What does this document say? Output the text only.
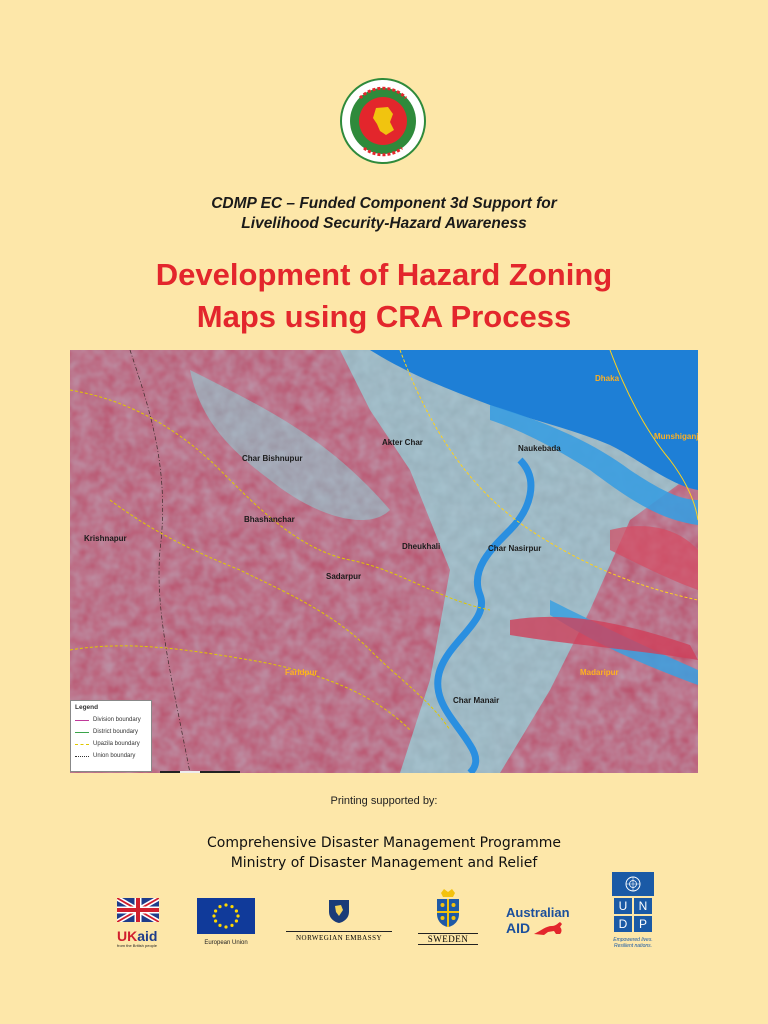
CDMP EC – Funded Component 3d Support for
Livelihood Security-Hazard Awareness
Development of Hazard Zoning
Maps using CRA Process
Dhaka
Munshiganj
Akter Char
Naukebada
Char Bishnupur
Bhashanchar
Krishnapur
Dheukhali	Char Nasirpur
Sadarpur
Faridpur
Char Manair
Madaripur
Legend
Division boundary
District boundary
Upazila boundary
Union boundary
Printing supported by:
Comprehensive Disaster Management Programme
Ministry of Disaster Management and Relief
UKaid
from the British people	European Union
NORWEGIAN EMBASSY	SWEDEN
Australian
AID
U N
D P
Empowered lives.
Resilient nations.
